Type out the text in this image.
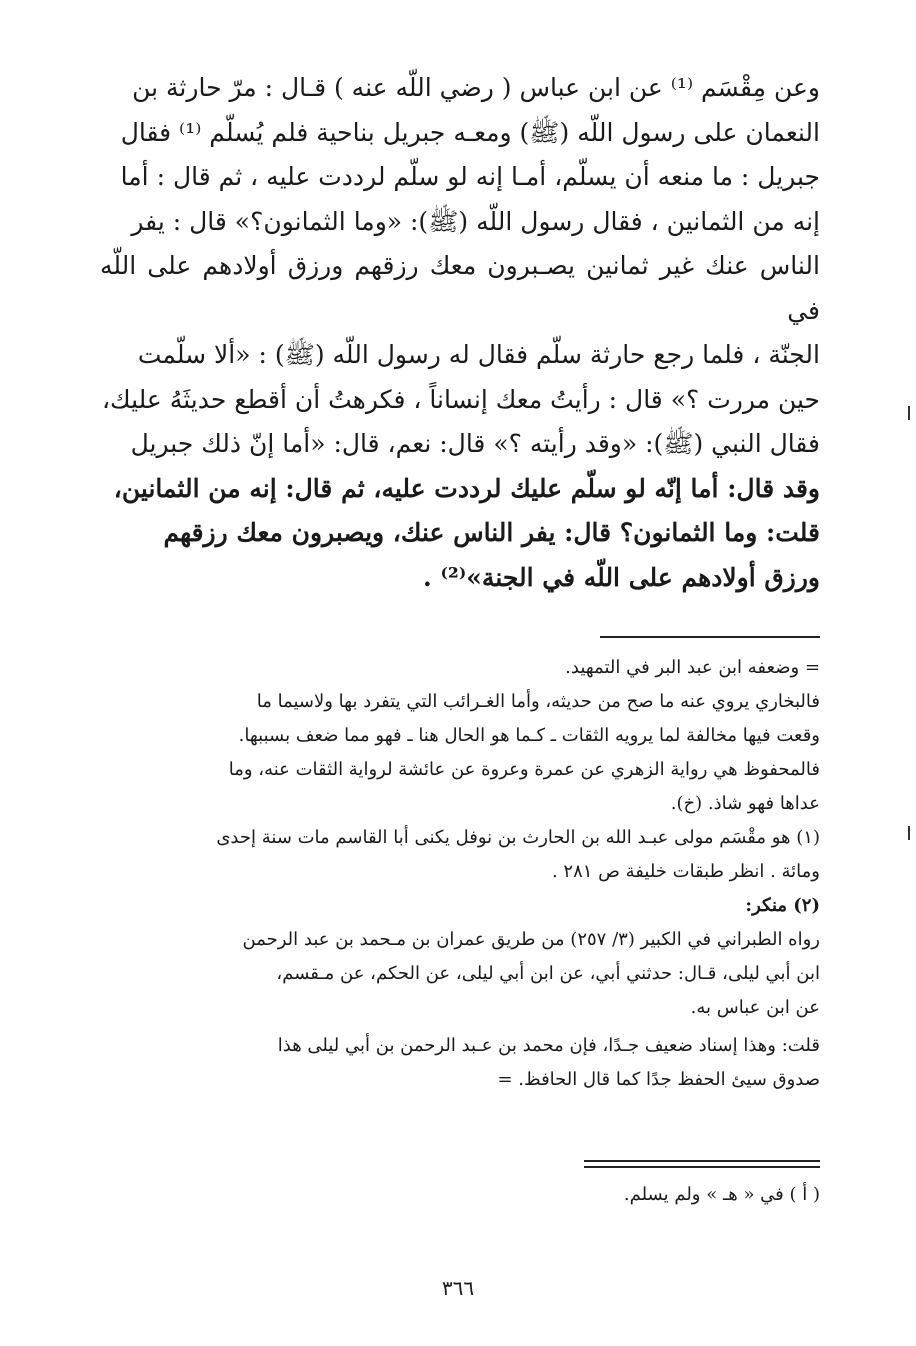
وعن مِقْسَم ⁽¹⁾ عن ابن عباس ( رضي اللّه عنه ) قـال : مرّ حارثة بن

النعمان على رسول اللّه (ﷺ) ومعـه جبريل بناحية فلم يُسلّم ⁽¹⁾ فقال

جبريل : ما منعه أن يسلّم، أمـا إنه لو سلّم لرددت عليه ، ثم قال : أما

إنه من الثمانين ، فقال رسول اللّه (ﷺ): «وما الثمانون؟» قال : يفر

الناس عنك غير ثمانين يصـبرون معك رزقهم ورزق أولادهم على اللّه في

الجنّة ، فلما رجع حارثة سلّم فقال له رسول اللّه (ﷺ) : «ألا سلّمت

حين مررت ؟» قال : رأيتُ معك إنساناً ، فكرهتُ أن أقطع حديثَهُ عليك،

فقال النبي (ﷺ): «وقد رأيته ؟» قال: نعم، قال: «أما إنّ ذلك جبريل

وقد قال: أما إنّه لو سلّم عليك لرددت عليه، ثم قال: إنه من الثمانين،

قلت: وما الثمانون؟ قال: يفر الناس عنك، ويصبرون معك رزقهم

ورزق أولادهم على اللّه في الجنة»⁽²⁾ .

= وضعفه ابن عبد البر في التمهيد.

فالبخاري يروي عنه ما صح من حديثه، وأما الغـرائب التي يتفرد بها ولاسيما ما

وقعت فيها مخالفة لما يرويه الثقات ـ كـما هو الحال هنا ـ فهو مما ضعف بسببها.

فالمحفوظ هي رواية الزهري عن عمرة وعروة عن عائشة لرواية الثقات عنه، وما

عداها فهو شاذ. (خ).

(١) هو مقْسَم مولى عبـد الله بن الحارث بن نوفل يكنى أبا القاسم مات سنة إحدى

ومائة . انظر طبقات خليفة ص ٢٨١ .

(٢) منكر:

رواه الطبراني في الكبير (٣/ ٢٥٧) من طريق عمران بن مـحمد بن عبد الرحمن

ابن أبي ليلى، قـال: حدثني أبي، عن ابن أبي ليلى، عن الحكم، عن مـقسم،

عن ابن عباس به.

قلت: وهذا إسناد ضعيف جـدًا، فإن محمد بن عـبد الرحمن بن أبي ليلى هذا

صدوق سيئ الحفظ جدًا كما قال الحافظ. =

( أ ) في « هـ » ولم يسلم.
٣٦٦
